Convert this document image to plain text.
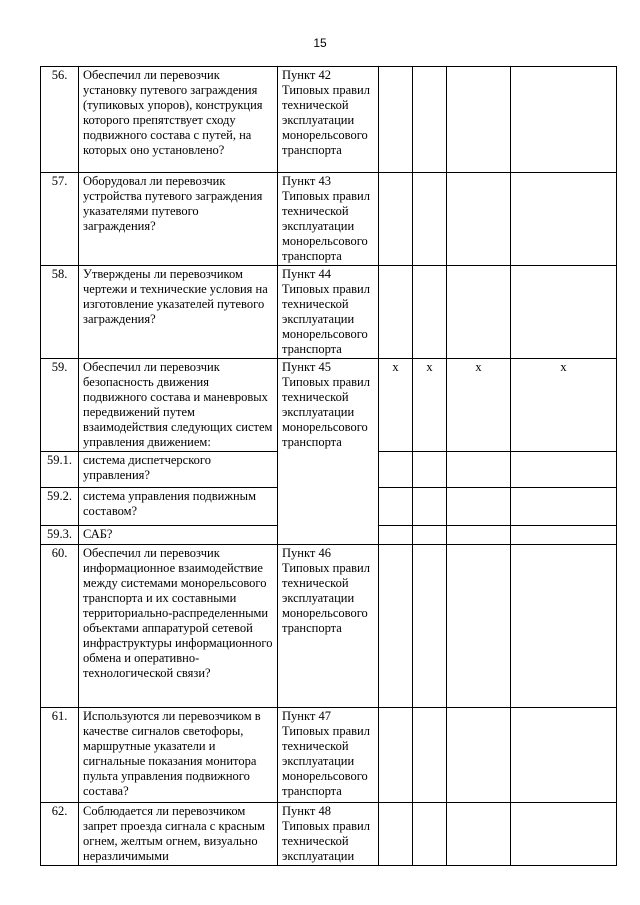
15
56.	Обеспечил ли перевозчик установку путевого заграждения (тупиковых упоров), конструкция которого препятствует сходу подвижного состава с путей, на которых оно установлено?	Пункт 42 Типовых правил технической эксплуатации монорельсового транспорта				
57.	Оборудовал ли перевозчик устройства путевого заграждения указателями путевого заграждения?	Пункт 43 Типовых правил технической эксплуатации монорельсового транспорта				
58.	Утверждены ли перевозчиком чертежи и технические условия на изготовление указателей путевого заграждения?	Пункт 44 Типовых правил технической эксплуатации монорельсового транспорта				
59.	Обеспечил ли перевозчик безопасность движения подвижного состава и маневровых передвижений путем взаимодействия следующих систем управления движением:	Пункт 45 Типовых правил технической эксплуатации монорельсового транспорта	x	x	x	x
59.1.	система диспетчерского управления?					
59.2.	система управления подвижным составом?					
59.3.	САБ?					
60.	Обеспечил ли перевозчик информационное взаимодействие между системами монорельсового транспорта и их составными территориально-распределенными объектами аппаратурой сетевой инфраструктуры информационного обмена и оперативно-технологической связи?	Пункт 46 Типовых правил технической эксплуатации монорельсового транспорта				
61.	Используются ли перевозчиком в качестве сигналов светофоры, маршрутные указатели и сигнальные показания монитора пульта управления подвижного состава?	Пункт 47 Типовых правил технической эксплуатации монорельсового транспорта				
62.	Соблюдается ли перевозчиком запрет проезда сигнала с красным огнем, желтым огнем, визуально неразличимыми	Пункт 48 Типовых правил технической эксплуатации				
